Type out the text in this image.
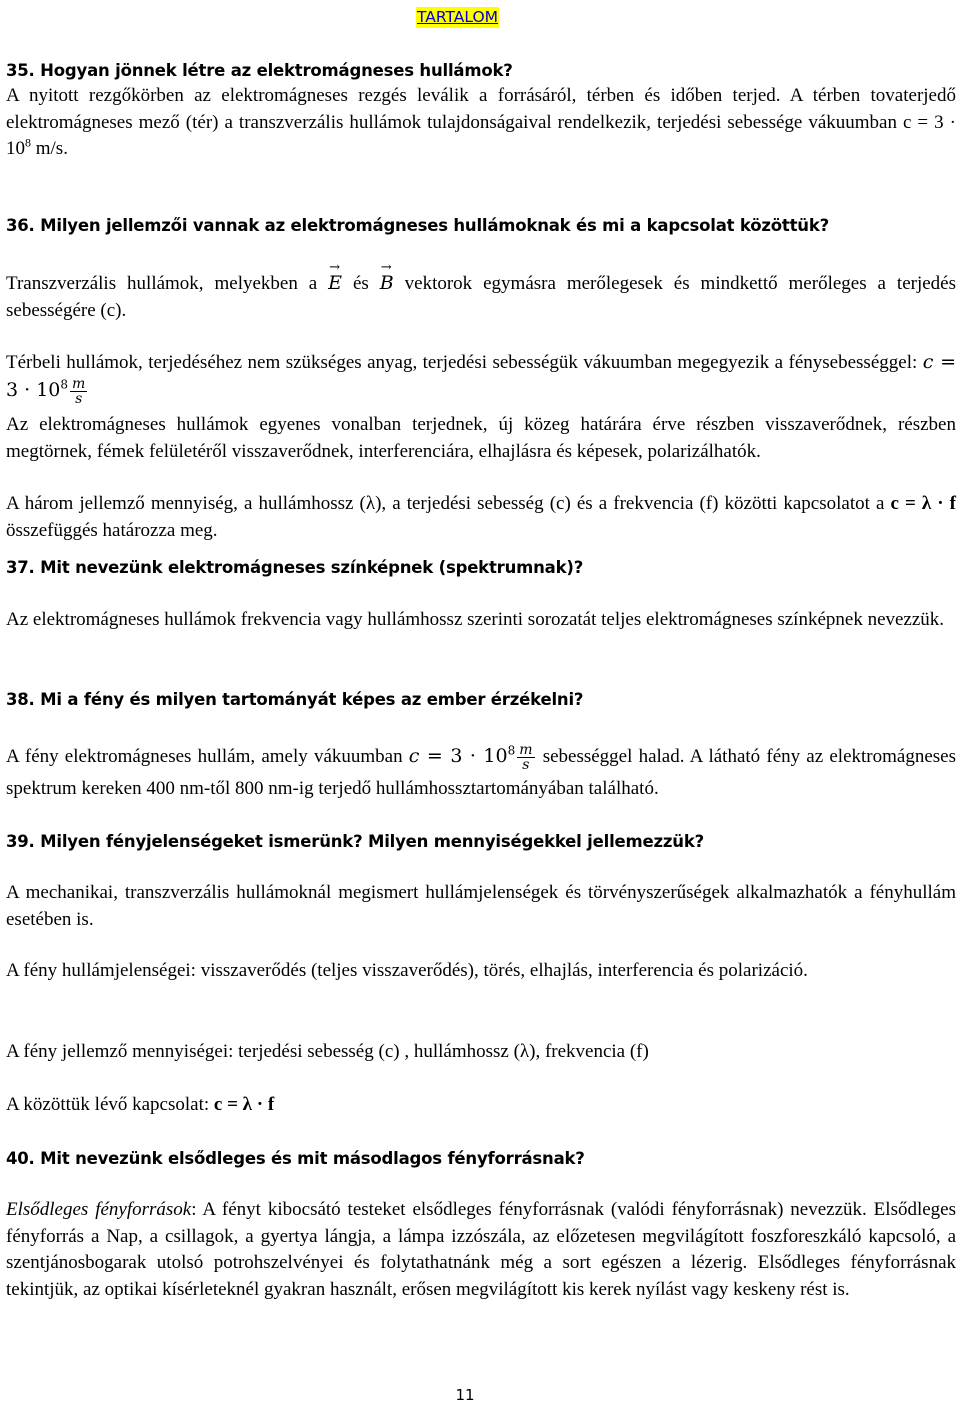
TARTALOM
35. Hogyan jönnek létre az elektromágneses hullámok?
A nyitott rezgőkörben az elektromágneses rezgés leválik a forrásáról, térben és időben terjed. A térben tovaterjedő elektromágneses mező (tér) a transzverzális hullámok tulajdonságaival rendelkezik, terjedési sebessége vákuumban $c = 3 \cdot 10^8$ m/s.
36. Milyen jellemzői vannak az elektromágneses hullámoknak és mi a kapcsolat közöttük?
Transzverzális hullámok, melyekben a → E és → B vektorok egymásra merőlegesek és mindkettő merőleges a terjedés sebességére (c).
Térbeli hullámok, terjedéséhez nem szükséges anyag, terjedési sebességük vákuumban megegyezik a fénysebességgel: $c = 3 \cdot 10^8 \frac{m}{s}$
Az elektromágneses hullámok egyenes vonalban terjednek, új közeg határára érve részben visszaverődnek, részben megtörnek, fémek felületéről visszaverődnek, interferenciára, elhajlásra és képesek, polarizálhatók.
A három jellemző mennyiség, a hullámhossz (λ), a terjedési sebesség (c) és a frekvencia (f) közötti kapcsolatot a c = λ · f összefüggés határozza meg.
37. Mit nevezünk elektromágneses színképnek (spektrumnak)?
Az elektromágneses hullámok frekvencia vagy hullámhossz szerinti sorozatát teljes elektromágneses színképnek nevezzük.
38. Mi a fény és milyen tartományát képes az ember érzékelni?
A fény elektromágneses hullám, amely vákuumban $c = 3 \cdot 10^8 \frac{m}{s}$ sebességgel halad. A látható fény az elektromágneses spektrum kereken 400 nm-től 800 nm-ig terjedő hullámhossztartományában található.
39. Milyen fényjelenségeket ismerünk? Milyen mennyiségekkel jellemezzük?
A mechanikai, transzverzális hullámoknál megismert hullámjelenségek és törvényszerűségek alkalmazhatók a fényhullám esetében is.
A fény hullámjelenségei: visszaverődés (teljes visszaverődés), törés, elhajlás, interferencia és polarizáció.
A fény jellemző mennyiségei: terjedési sebesség (c) , hullámhossz (λ), frekvencia (f)
A közöttük lévő kapcsolat: c = λ · f
40. Mit nevezünk elsődleges és mit másodlagos fényforrásnak?
Elsődleges fényforrások: A fényt kibocsátó testeket elsődleges fényforrásnak (valódi fényforrásnak) nevezzük. Elsődleges fényforrás a Nap, a csillagok, a gyertya lángja, a lámpa izzószála, az előzetesen megvilágított foszforeszkáló kapcsoló, a szentjánosbogarak utolsó potrohszelvényei és folytathatnánk még a sort egészen a lézerig. Elsődleges fényforrásnak tekintjük, az optikai kísérleteknél gyakran használt, erősen megvilágított kis kerek nyílást vagy keskeny rést is.
11
